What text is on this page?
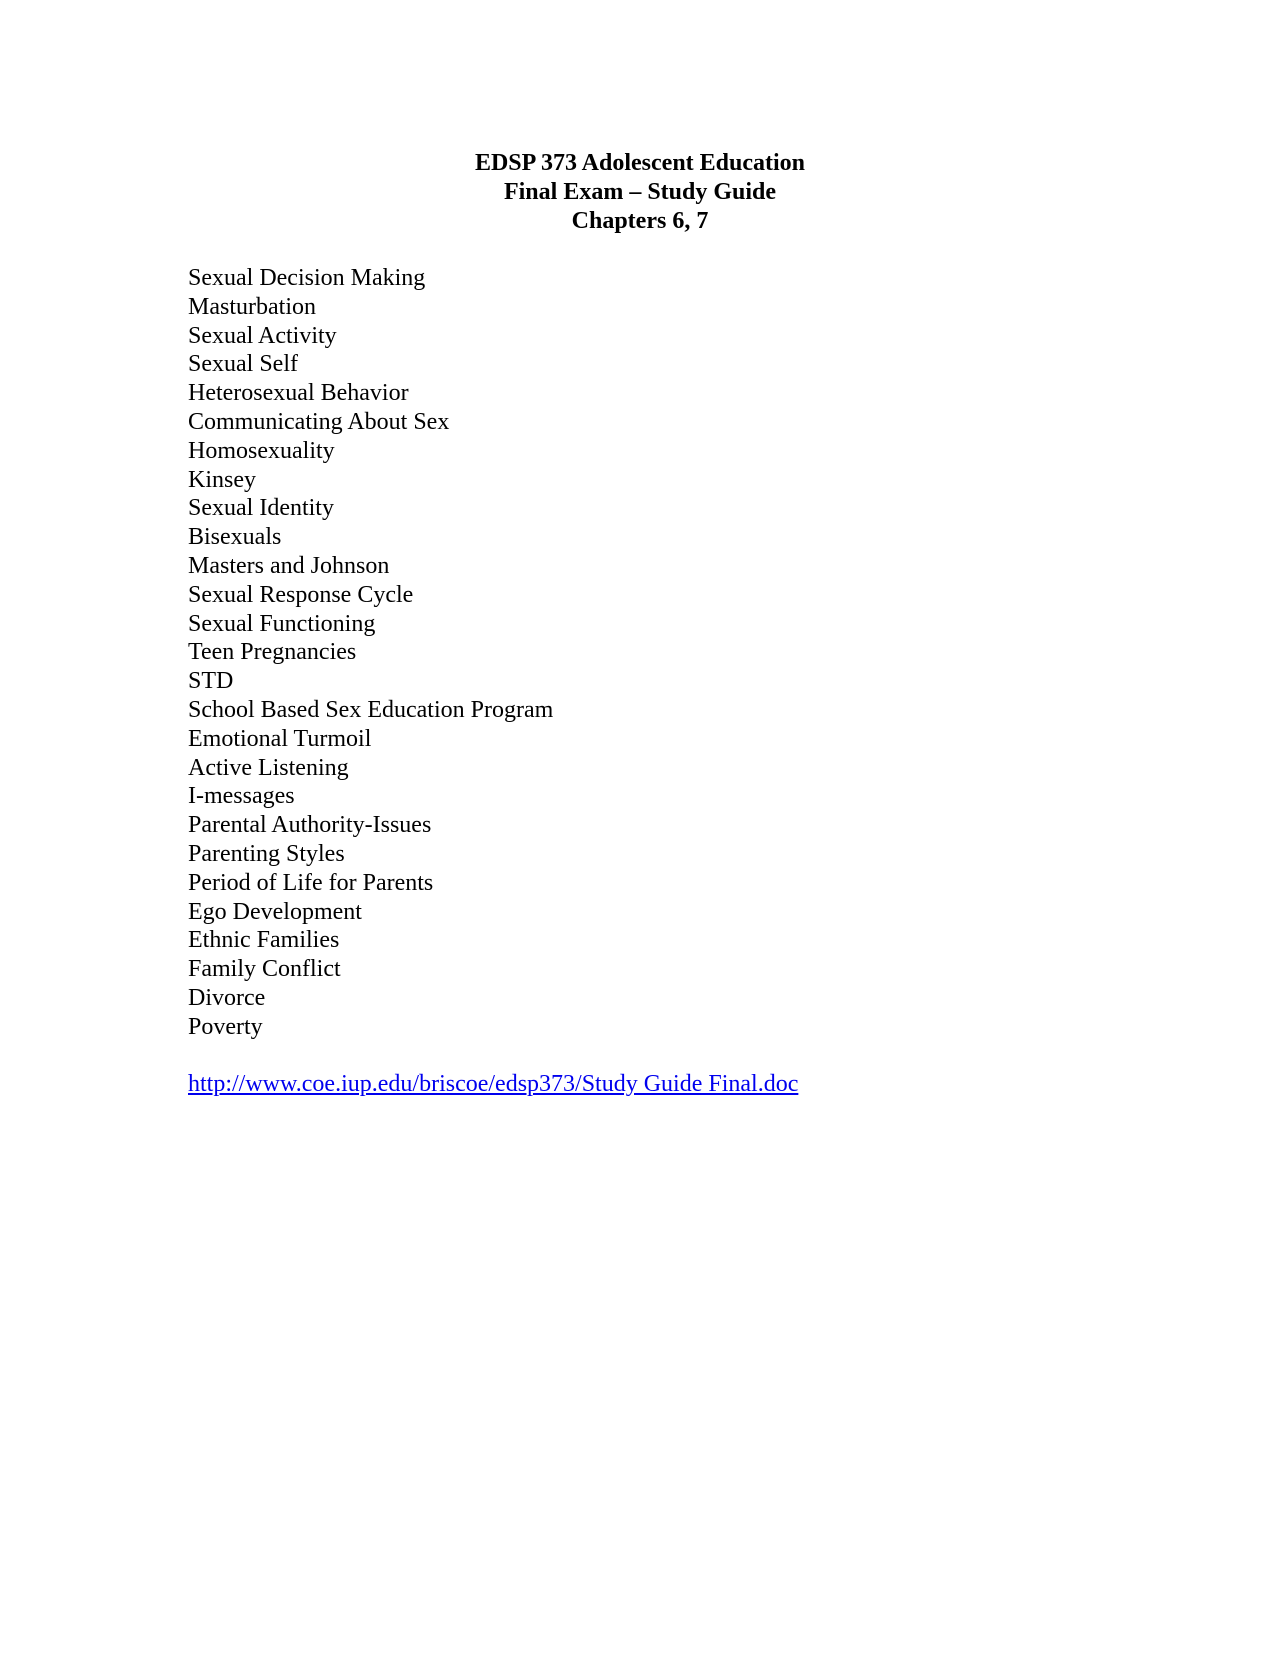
EDSP 373 Adolescent Education
Final Exam – Study Guide
Chapters 6, 7
Sexual Decision Making
Masturbation
Sexual Activity
Sexual Self
Heterosexual Behavior
Communicating About Sex
Homosexuality
Kinsey
Sexual Identity
Bisexuals
Masters and Johnson
Sexual Response Cycle
Sexual Functioning
Teen Pregnancies
STD
School Based Sex Education Program
Emotional Turmoil
Active Listening
I-messages
Parental Authority-Issues
Parenting Styles
Period of Life for Parents
Ego Development
Ethnic Families
Family Conflict
Divorce
Poverty
http://www.coe.iup.edu/briscoe/edsp373/Study Guide Final.doc
